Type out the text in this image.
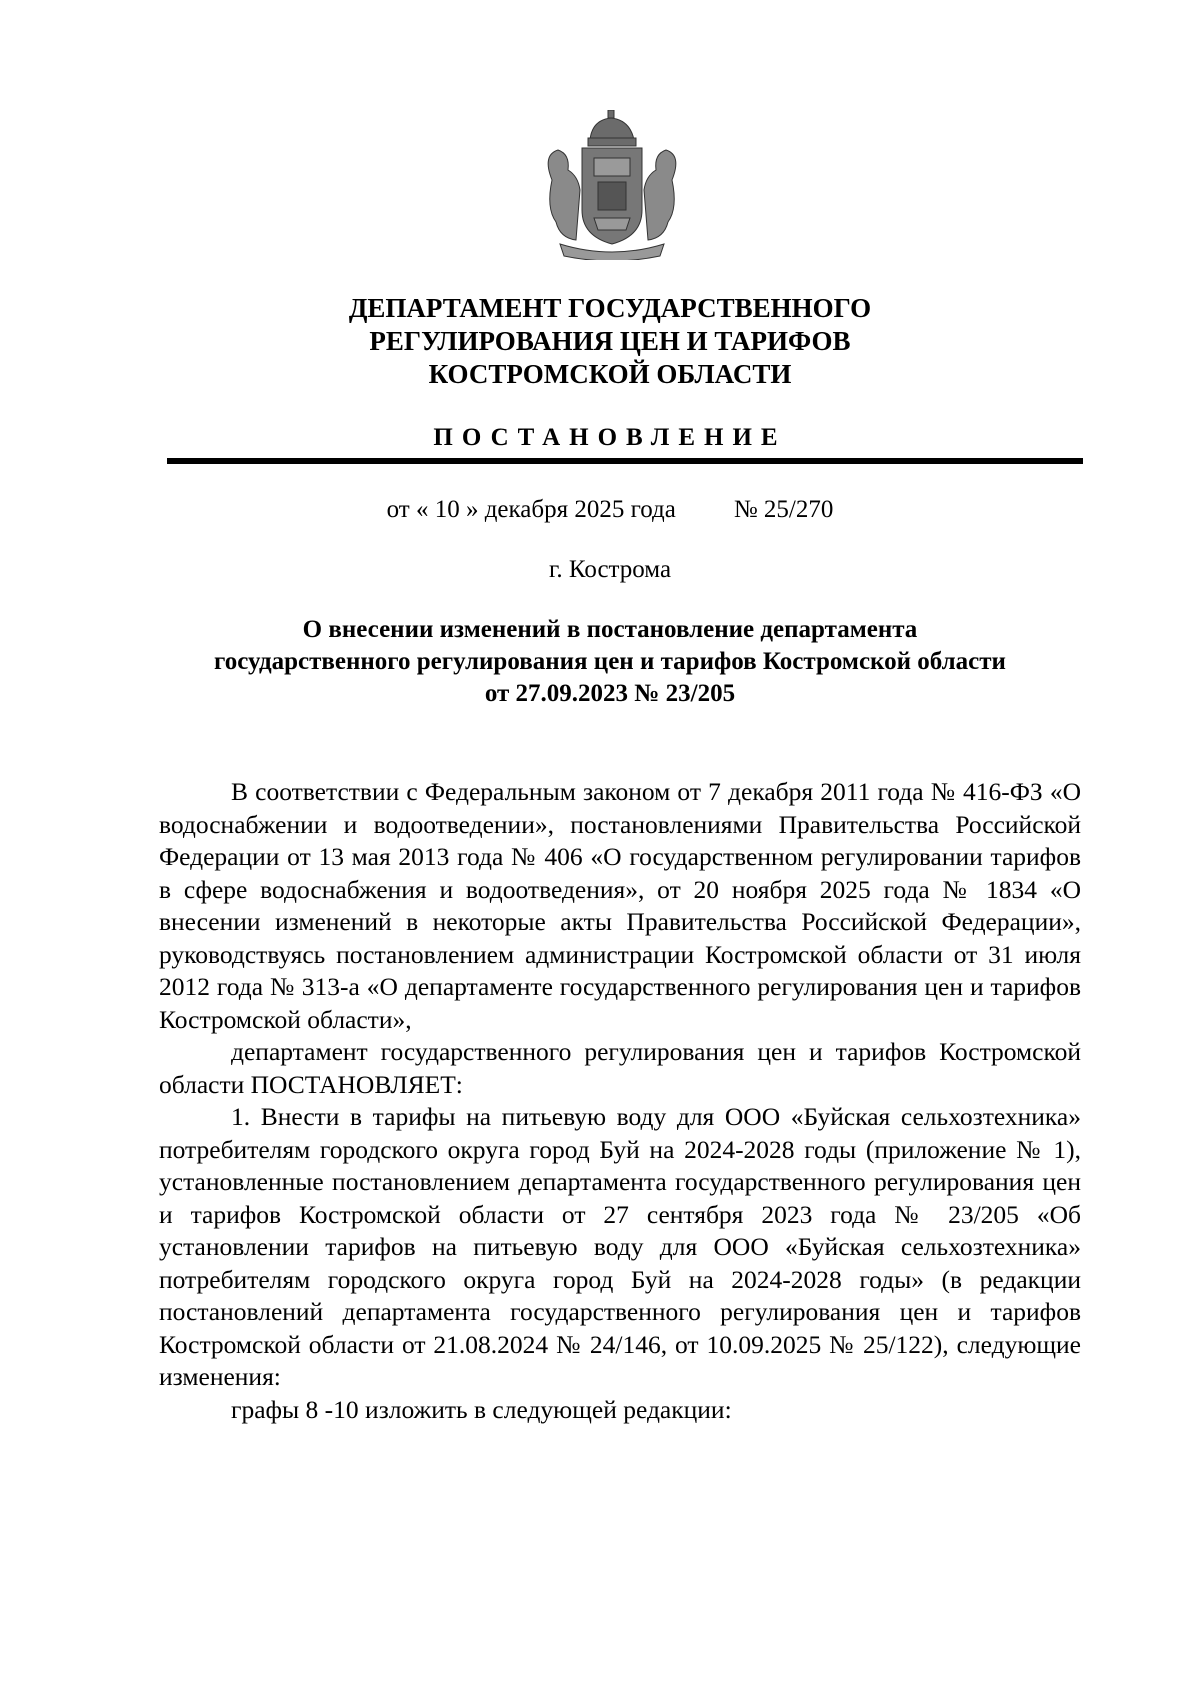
ДЕПАРТАМЕНТ ГОСУДАРСТВЕННОГО
РЕГУЛИРОВАНИЯ ЦЕН И ТАРИФОВ
КОСТРОМСКОЙ ОБЛАСТИ
ПОСТАНОВЛЕНИЕ
от « 10 » декабря 2025 года № 25/270
г. Кострома
О внесении изменений в постановление департамента
государственного регулирования цен и тарифов Костромской области
от 27.09.2023 № 23/205

В соответствии с Федеральным законом от 7 декабря 2011 года № 416-ФЗ «О водоснабжении и водоотведении», постановлениями Правительства Российской Федерации от 13 мая 2013 года № 406 «О государственном регулировании тарифов в сфере водоснабжения и водоотведения», от 20 ноября 2025 года № 1834 «О внесении изменений в некоторые акты Правительства Российской Федерации», руководствуясь постановлением администрации Костромской области от 31 июля 2012 года № 313-а «О департаменте государственного регулирования цен и тарифов Костромской области»,

департамент государственного регулирования цен и тарифов Костромской области ПОСТАНОВЛЯЕТ:

1. Внести в тарифы на питьевую воду для ООО «Буйская сельхозтехника» потребителям городского округа город Буй на 2024-2028 годы (приложение № 1), установленные постановлением департамента государственного регулирования цен и тарифов Костромской области от 27 сентября 2023 года № 23/205 «Об установлении тарифов на питьевую воду для ООО «Буйская сельхозтехника» потребителям городского округа город Буй на 2024-2028 годы» (в редакции постановлений департамента государственного регулирования цен и тарифов Костромской области от 21.08.2024 № 24/146, от 10.09.2025 № 25/122), следующие изменения:

графы 8 -10 изложить в следующей редакции:
